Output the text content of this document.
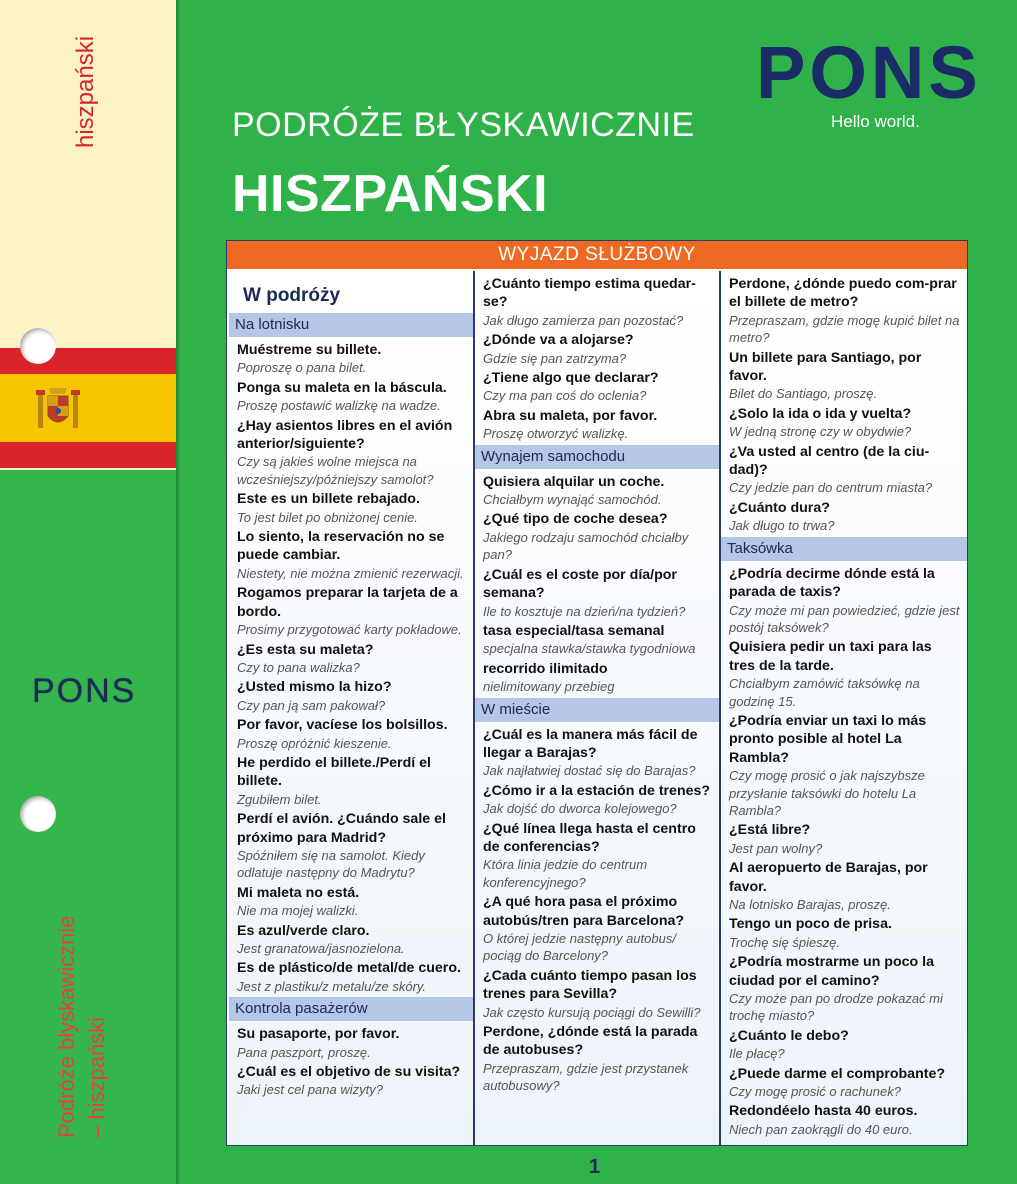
hiszpański
PONS
Podróże błyskawicznie – hiszpański
PONS
Hello world.
PODRÓŻE BŁYSKAWICZNIE
HISZPAŃSKI
WYJAZD SŁUŻBOWY
W podróży
Na lotnisku
Muéstreme su billete.
Poproszę o pana bilet.
Ponga su maleta en la báscula.
Proszę postawić walizkę na wadze.
¿Hay asientos libres en el avión anterior/siguiente?
Czy są jakieś wolne miejsca na wcześniejszy/późniejszy samolot?
Este es un billete rebajado.
To jest bilet po obniżonej cenie.
Lo siento, la reservación no se puede cambiar.
Niestety, nie można zmienić rezerwacji.
Rogamos preparar la tarjeta de a bordo.
Prosimy przygotować karty pokładowe.
¿Es esta su maleta?
Czy to pana walizka?
¿Usted mismo la hizo?
Czy pan ją sam pakował?
Por favor, vacíese los bolsillos.
Proszę opróżnić kieszenie.
He perdido el billete./Perdí el billete.
Zgubiłem bilet.
Perdí el avión. ¿Cuándo sale el próximo para Madrid?
Spóźniłem się na samolot. Kiedy odlatuje następny do Madrytu?
Mi maleta no está.
Nie ma mojej walizki.
Es azul/verde claro.
Jest granatowa/jasnozielona.
Es de plástico/de metal/de cuero.
Jest z plastiku/z metalu/ze skóry.
Kontrola pasażerów
Su pasaporte, por favor.
Pana paszport, proszę.
¿Cuál es el objetivo de su visita?
Jaki jest cel pana wizyty?
¿Cuánto tiempo estima quedar-se?
Jak długo zamierza pan pozostać?
¿Dónde va a alojarse?
Gdzie się pan zatrzyma?
¿Tiene algo que declarar?
Czy ma pan coś do oclenia?
Abra su maleta, por favor.
Proszę otworzyć walizkę.
Wynajem samochodu
Quisiera alquilar un coche.
Chciałbym wynająć samochód.
¿Qué tipo de coche desea?
Jakiego rodzaju samochód chciałby pan?
¿Cuál es el coste por día/por semana?
Ile to kosztuje na dzień/na tydzień?
tasa especial/tasa semanal
specjalna stawka/stawka tygodniowa
recorrido ilimitado
nielimitowany przebieg
W mieście
¿Cuál es la manera más fácil de llegar a Barajas?
Jak najłatwiej dostać się do Barajas?
¿Cómo ir a la estación de trenes?
Jak dojść do dworca kolejowego?
¿Qué línea llega hasta el centro de conferencias?
Która linia jedzie do centrum konferencyjnego?
¿A qué hora pasa el próximo autobús/tren para Barcelona?
O której jedzie następny autobus/ pociąg do Barcelony?
¿Cada cuánto tiempo pasan los trenes para Sevilla?
Jak często kursują pociągi do Sewilli?
Perdone, ¿dónde está la parada de autobuses?
Przepraszam, gdzie jest przystanek autobusowy?
Perdone, ¿dónde puedo com-prar el billete de metro?
Przepraszam, gdzie mogę kupić bilet na metro?
Un billete para Santiago, por favor.
Bilet do Santiago, proszę.
¿Solo la ida o ida y vuelta?
W jedną stronę czy w obydwie?
¿Va usted al centro (de la ciu-dad)?
Czy jedzie pan do centrum miasta?
¿Cuánto dura?
Jak długo to trwa?
Taksówka
¿Podría decirme dónde está la parada de taxis?
Czy może mi pan powiedzieć, gdzie jest postój taksówek?
Quisiera pedir un taxi para las tres de la tarde.
Chciałbym zamówić taksówkę na godzinę 15.
¿Podría enviar un taxi lo más pronto posible al hotel La Rambla?
Czy mogę prosić o jak najszybsze przysłanie taksówki do hotelu La Rambla?
¿Está libre?
Jest pan wolny?
Al aeropuerto de Barajas, por favor.
Na lotnisko Barajas, proszę.
Tengo un poco de prisa.
Trochę się śpieszę.
¿Podría mostrarme un poco la ciudad por el camino?
Czy może pan po drodze pokazać mi trochę miasto?
¿Cuánto le debo?
Ile płacę?
¿Puede darme el comprobante?
Czy mogę prosić o rachunek?
Redondéelo hasta 40 euros.
Niech pan zaokrągli do 40 euro.
1
